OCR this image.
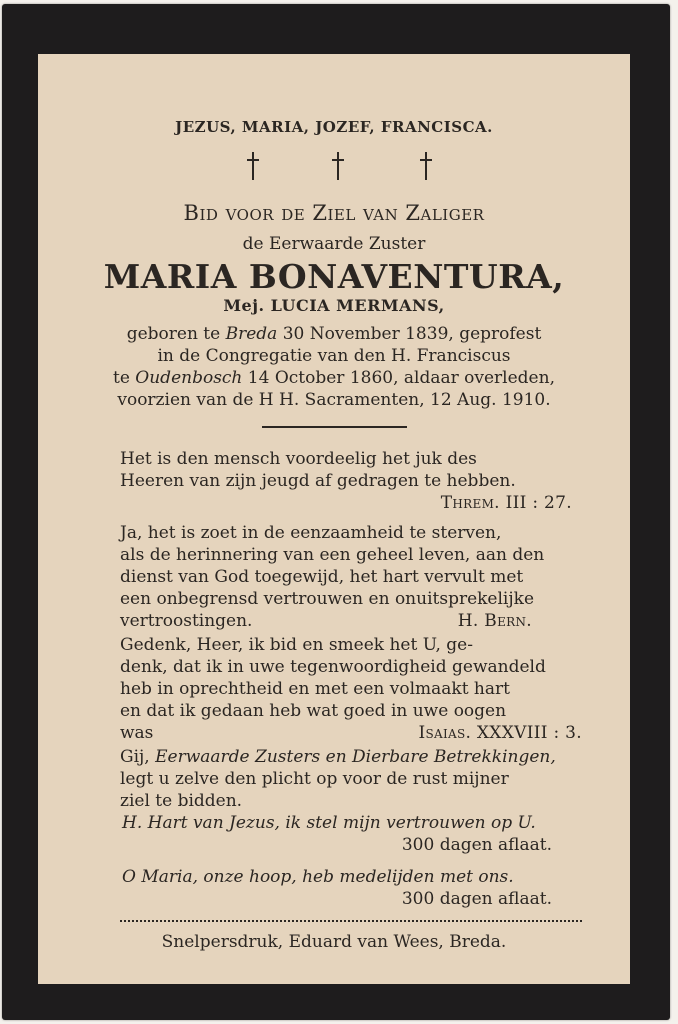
JEZUS, MARIA, JOZEF, FRANCISCA.
Bid voor de Ziel van Zaliger
de Eerwaarde Zuster
MARIA BONAVENTURA,
Mej. LUCIA MERMANS,
geboren te Breda 30 November 1839, geprofest
in de Congregatie van den H. Franciscus
te Oudenbosch 14 October 1860, aldaar overleden,
voorzien van de H H. Sacramenten, 12 Aug. 1910.
Het is den mensch voordeelig het juk des
Heeren van zijn jeugd af gedragen te hebben.
Threm. III : 27.
Ja, het is zoet in de eenzaamheid te sterven,
als de herinnering van een geheel leven, aan den
dienst van God toegewijd, het hart vervult met
een onbegrensd vertrouwen en onuitsprekelijke
vertroostingen.	H. Bern.
Gedenk, Heer, ik bid en smeek het U, ge-
denk, dat ik in uwe tegenwoordigheid gewandeld
heb in oprechtheid en met een volmaakt hart
en dat ik gedaan heb wat goed in uwe oogen
was	Isaias. XXXVIII : 3.
Gij, Eerwaarde Zusters en Dierbare Betrekkingen,
legt u zelve den plicht op voor de rust mijner
ziel te bidden.
H. Hart van Jezus, ik stel mijn vertrouwen op U.
300 dagen aflaat.
O Maria, onze hoop, heb medelijden met ons.
300 dagen aflaat.
Snelpersdruk, Eduard van Wees, Breda.
